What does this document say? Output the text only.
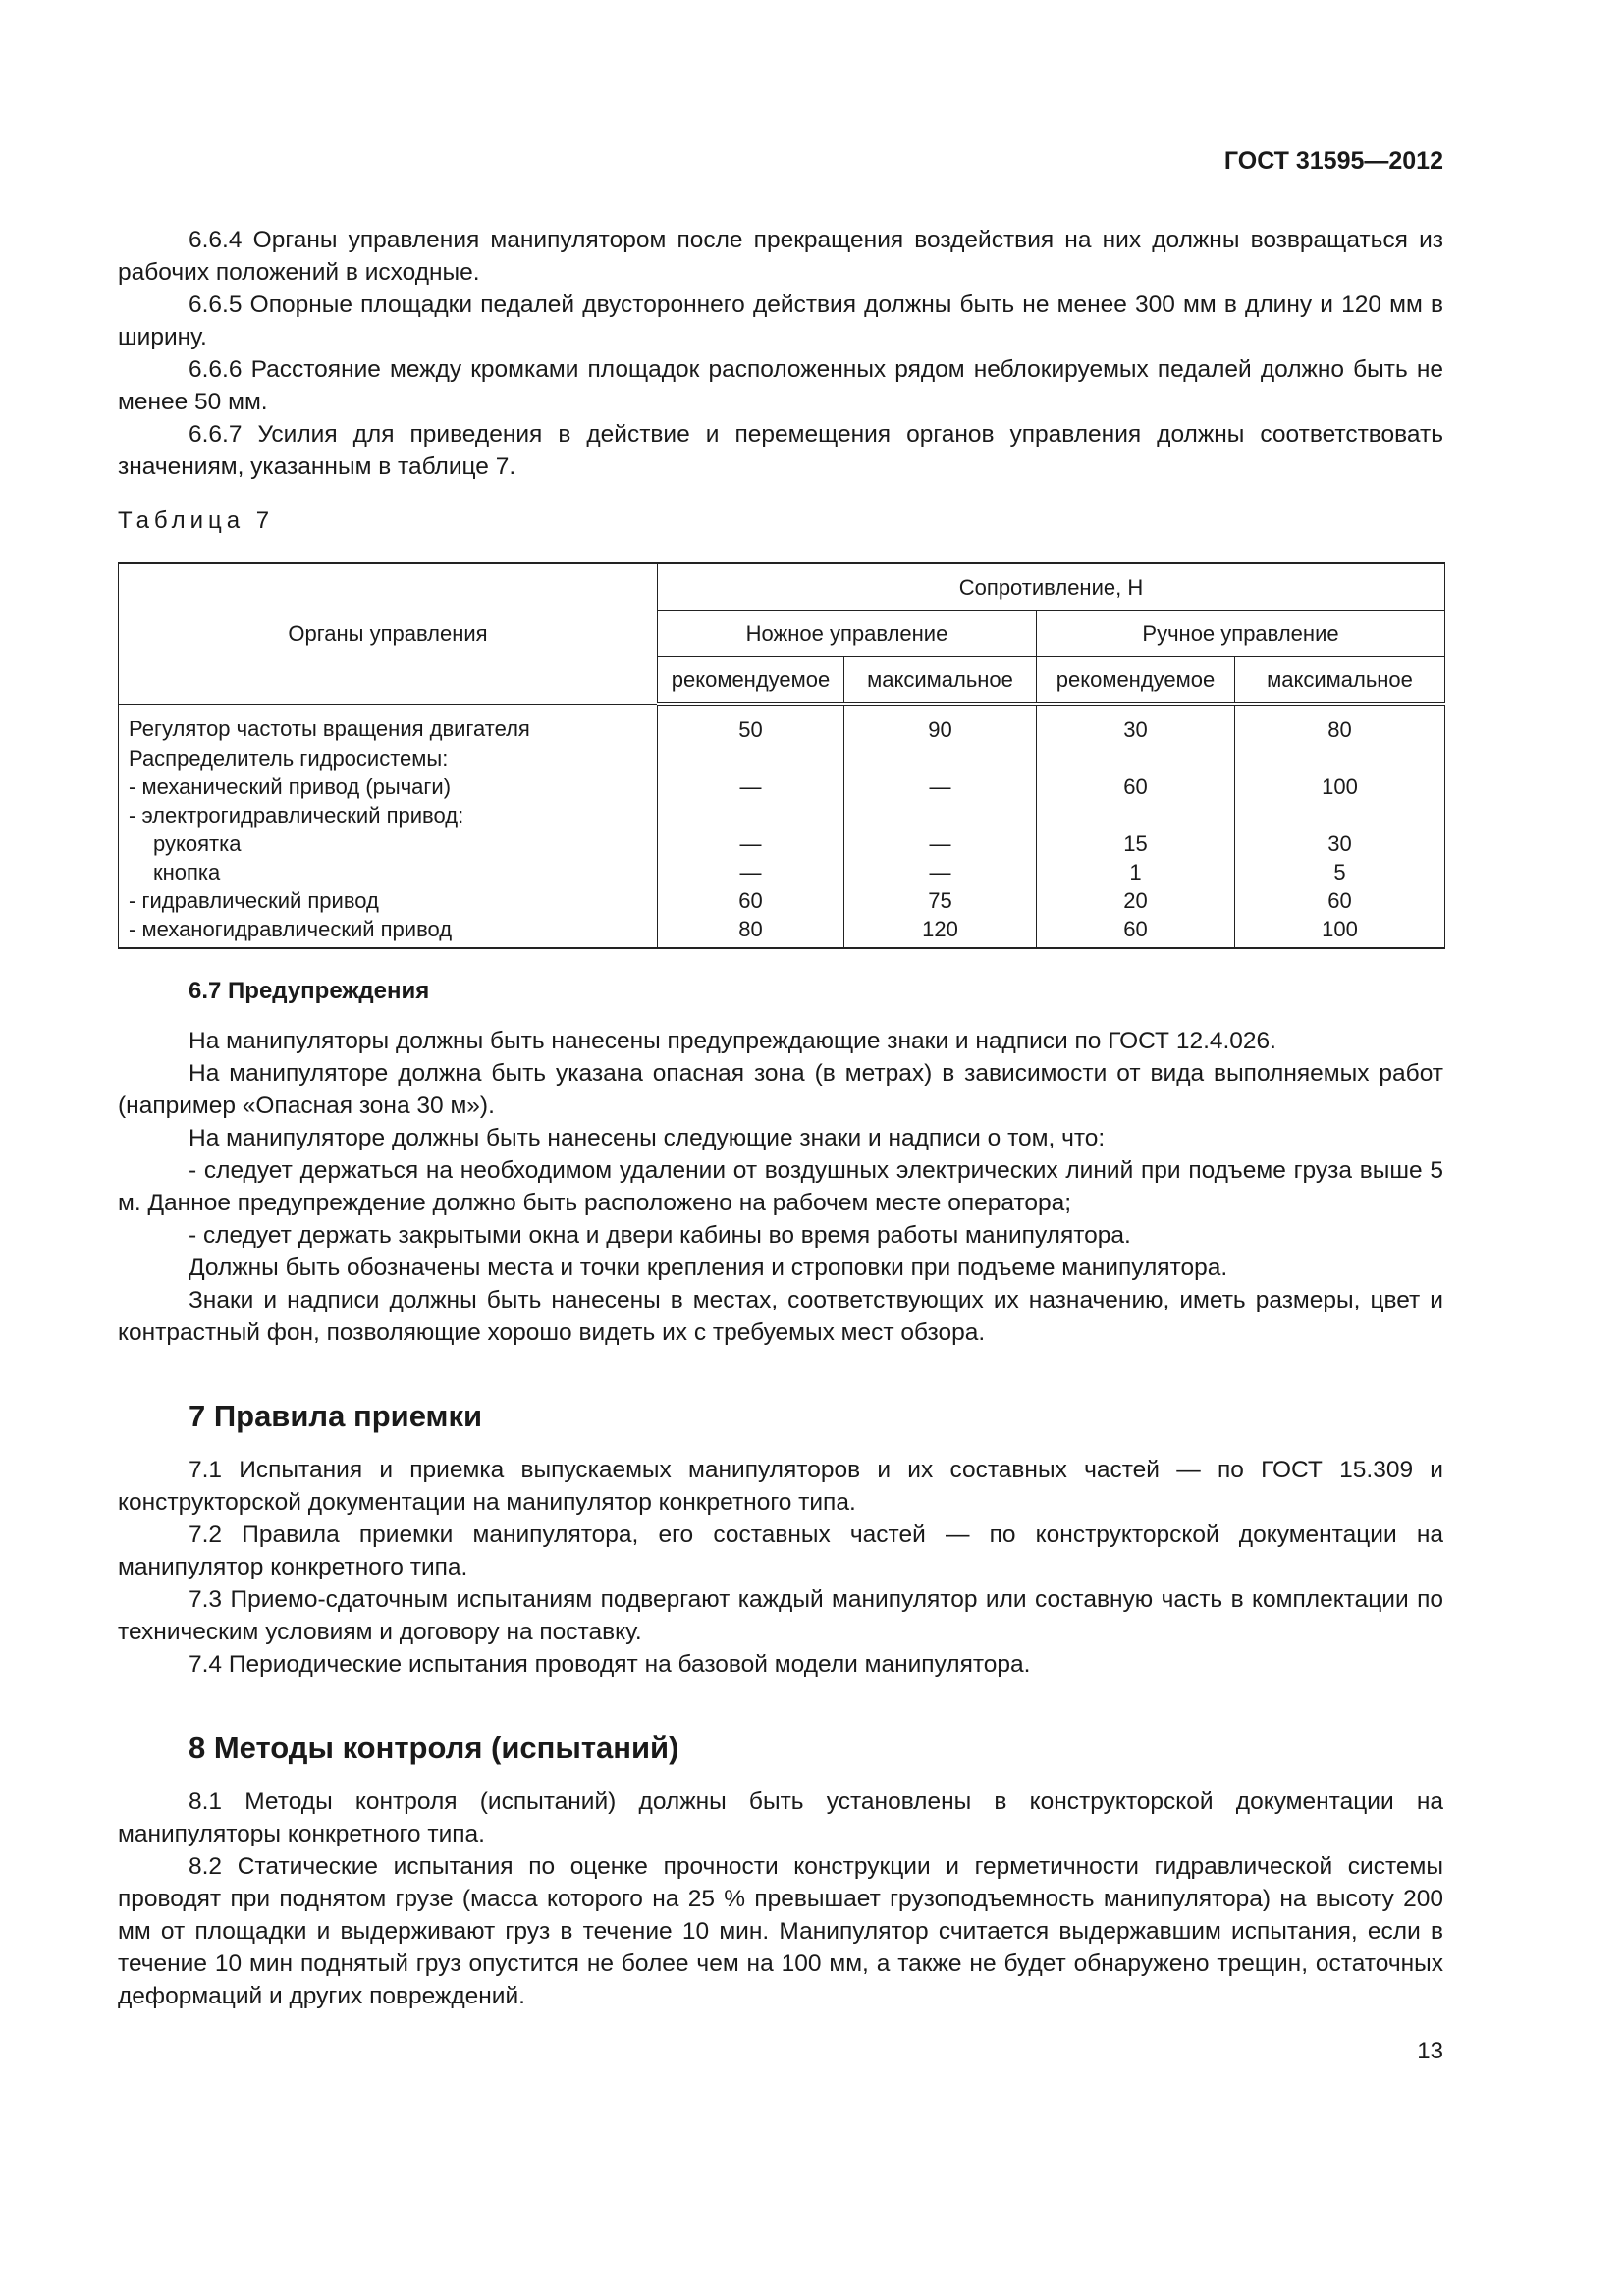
ГОСТ 31595—2012

6.6.4 Органы управления манипулятором после прекращения воздействия на них должны возвращаться из рабочих положений в исходные.

6.6.5 Опорные площадки педалей двустороннего действия должны быть не менее 300 мм в длину и 120 мм в ширину.

6.6.6 Расстояние между кромками площадок расположенных рядом неблокируемых педалей должно быть не менее 50 мм.

6.6.7 Усилия для приведения в действие и перемещения органов управления должны соответствовать значениям, указанным в таблице 7.

Таблица 7
Органы управления	Сопротивление, Н			
	Ножное управление		Ручное управление	
	рекомендуемое	максимальное	рекомендуемое	максимальное
Регулятор частоты вращения двигателя	50	90	30	80
Распределитель гидросистемы:				
- механический привод (рычаги)	—	—	60	100
- электрогидравлический привод:				
рукоятка	—	—	15	30
кнопка	—	—	1	5
- гидравлический привод	60	75	20	60
- механогидравлический привод	80	120	60	100
6.7 Предупреждения

На манипуляторы должны быть нанесены предупреждающие знаки и надписи по ГОСТ 12.4.026.

На манипуляторе должна быть указана опасная зона (в метрах) в зависимости от вида выполняемых работ (например «Опасная зона 30 м»).

На манипуляторе должны быть нанесены следующие знаки и надписи о том, что:

- следует держаться на необходимом удалении от воздушных электрических линий при подъеме груза выше 5 м. Данное предупреждение должно быть расположено на рабочем месте оператора;

- следует держать закрытыми окна и двери кабины во время работы манипулятора.

Должны быть обозначены места и точки крепления и строповки при подъеме манипулятора.

Знаки и надписи должны быть нанесены в местах, соответствующих их назначению, иметь размеры, цвет и контрастный фон, позволяющие хорошо видеть их с требуемых мест обзора.

7 Правила приемки

7.1 Испытания и приемка выпускаемых манипуляторов и их составных частей — по ГОСТ 15.309 и конструкторской документации на манипулятор конкретного типа.

7.2 Правила приемки манипулятора, его составных частей — по конструкторской документации на манипулятор конкретного типа.

7.3 Приемо-сдаточным испытаниям подвергают каждый манипулятор или составную часть в комплектации по техническим условиям и договору на поставку.

7.4 Периодические испытания проводят на базовой модели манипулятора.

8 Методы контроля (испытаний)

8.1 Методы контроля (испытаний) должны быть установлены в конструкторской документации на манипуляторы конкретного типа.

8.2 Статические испытания по оценке прочности конструкции и герметичности гидравлической системы проводят при поднятом грузе (масса которого на 25 % превышает грузоподъемность манипулятора) на высоту 200 мм от площадки и выдерживают груз в течение 10 мин. Манипулятор считается выдержавшим испытания, если в течение 10 мин поднятый груз опустится не более чем на 100 мм, а также не будет обнаружено трещин, остаточных деформаций и других повреждений.

13
